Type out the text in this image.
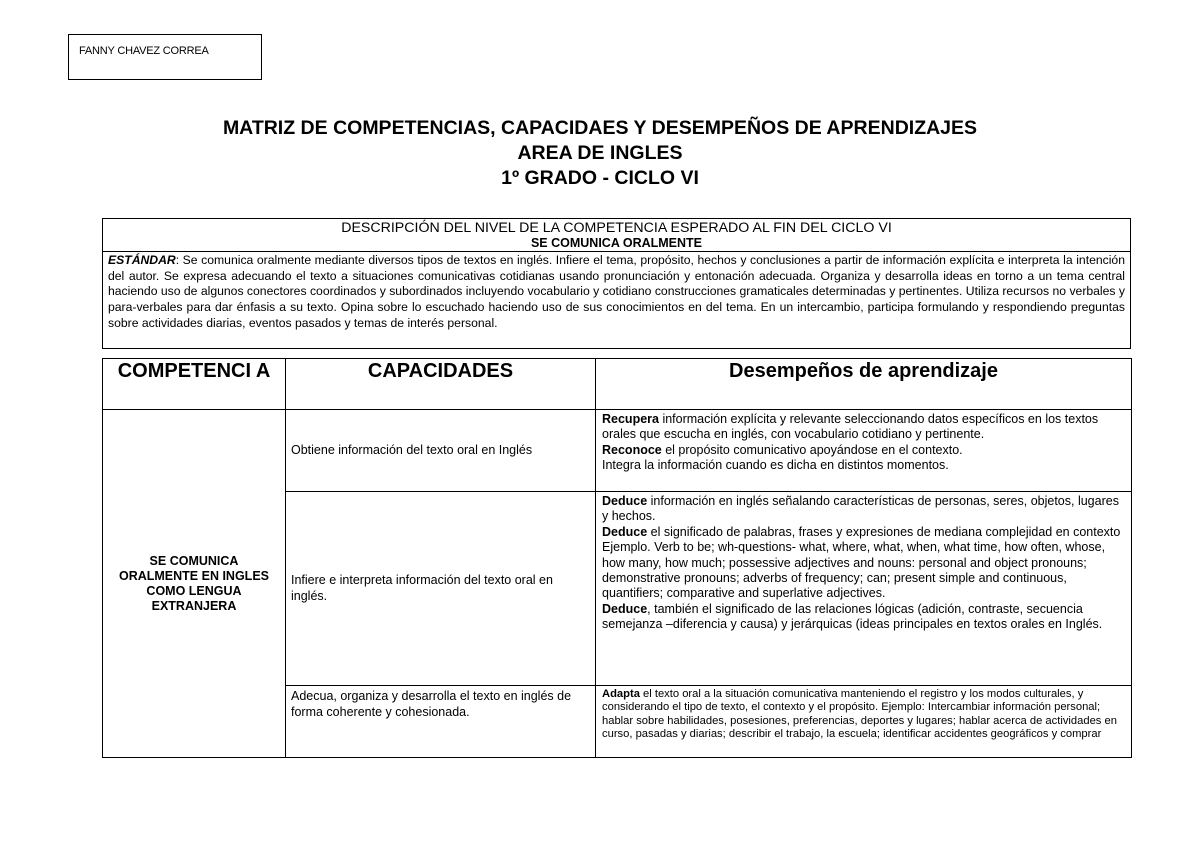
FANNY CHAVEZ CORREA
MATRIZ DE COMPETENCIAS, CAPACIDAES Y DESEMPEÑOS DE APRENDIZAJES
AREA DE INGLES
1º GRADO - CICLO VI
DESCRIPCIÓN DEL NIVEL DE LA COMPETENCIA ESPERADO AL FIN DEL CICLO VI
SE COMUNICA ORALMENTE
ESTÁNDAR: Se comunica oralmente mediante diversos tipos de textos en inglés. Infiere el tema, propósito, hechos y conclusiones a partir de información explícita e interpreta la intención del autor. Se expresa adecuando el texto a situaciones comunicativas cotidianas usando pronunciación y entonación adecuada. Organiza y desarrolla ideas en torno a un tema central haciendo uso de algunos conectores coordinados y subordinados incluyendo vocabulario y cotidiano construcciones gramaticales determinadas y pertinentes. Utiliza recursos no verbales y para-verbales para dar énfasis a su texto. Opina sobre lo escuchado haciendo uso de sus conocimientos en del tema. En un intercambio, participa formulando y respondiendo preguntas sobre actividades diarias, eventos pasados y temas de interés personal.
COMPETENCI A	CAPACIDADES	Desempeños de aprendizaje
SE COMUNICA ORALMENTE EN INGLES COMO LENGUA EXTRANJERA	Obtiene información del texto oral en Inglés	Recupera información explícita y relevante seleccionando datos específicos en los textos orales que escucha en inglés, con vocabulario cotidiano y pertinente.

Reconoce el propósito comunicativo apoyándose en el contexto.

Integra la información cuando es dicha en distintos momentos.

	Infiere e interpreta información del texto oral en inglés.	Deduce información en inglés señalando características de personas, seres, objetos, lugares y hechos.

Deduce el significado de palabras, frases y expresiones de mediana complejidad en contexto Ejemplo. Verb to be; wh-questions- what, where, what, when, what time, how often, whose, how many, how much; possessive adjectives and nouns: personal and object pronouns; demonstrative pronouns; adverbs of frequency; can; present simple and continuous, quantifiers; comparative and superlative adjectives.

Deduce, también el significado de las relaciones lógicas (adición, contraste, secuencia semejanza –diferencia y causa) y jerárquicas (ideas principales en textos orales en Inglés.

	Adecua, organiza y desarrolla el texto en inglés de forma coherente y cohesionada.	Adapta el texto oral a la situación comunicativa manteniendo el registro y los modos culturales, y considerando el tipo de texto, el contexto y el propósito. Ejemplo: Intercambiar información personal; hablar sobre habilidades, posesiones, preferencias, deportes y lugares; hablar acerca de actividades en curso, pasadas y diarias; describir el trabajo, la escuela; identificar accidentes geográficos y comprar
